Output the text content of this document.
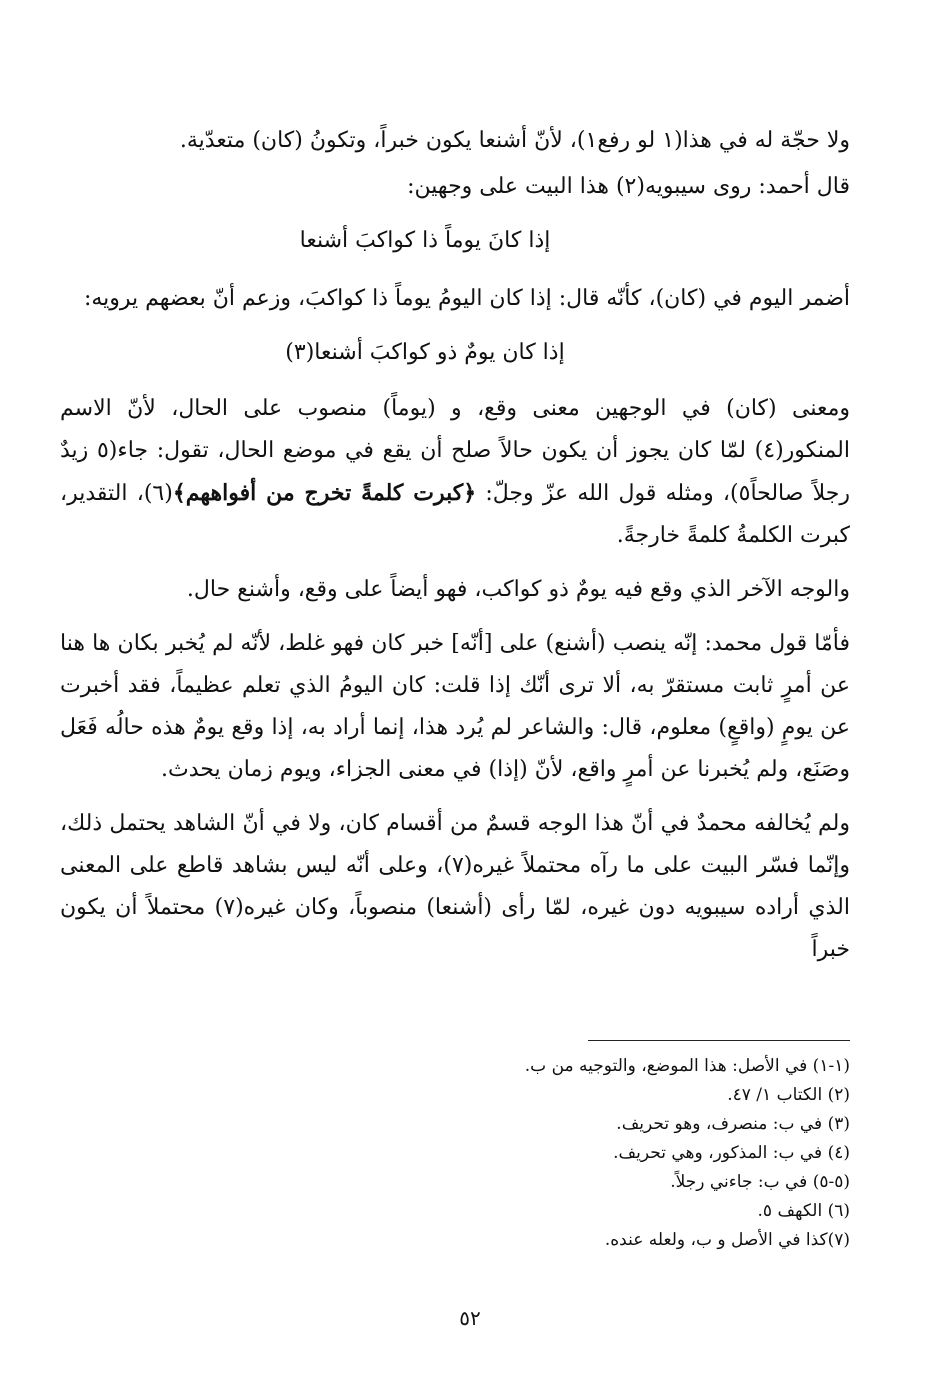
ولا حجّة له في هذا(١ لو رفع١)، لأنّ أشنعا يكون خبراً، وتكونُ (كان) متعدّية.

قال أحمد: روى سيبويه(٢) هذا البيت على وجهين:

إذا كانَ يوماً ذا كواكبَ أشنعا

أضمر اليوم في (كان)، كأنّه قال: إذا كان اليومُ يوماً ذا كواكبَ، وزعم أنّ بعضهم يرويه:

إذا كان يومٌ ذو كواكبَ أشنعا(٣)

ومعنى (كان) في الوجهين معنى وقع، و (يوماً) منصوب على الحال، لأنّ الاسم المنكور(٤) لمّا كان يجوز أن يكون حالاً صلح أن يقع في موضع الحال، تقول: جاء(٥ زيدٌ رجلاً صالحاً٥)، ومثله قول الله عزّ وجلّ: ﴿كبرت كلمةً تخرج من أفواههم﴾(٦)، التقدير، كبرت الكلمةُ كلمةً خارجةً.

والوجه الآخر الذي وقع فيه يومٌ ذو كواكب، فهو أيضاً على وقع، وأشنع حال.

فأمّا قول محمد: إنّه ينصب (أشنع) على [أنّه] خبر كان فهو غلط، لأنّه لم يُخبر بكان ها هنا عن أمرٍ ثابت مستقرّ به، ألا ترى أنّك إذا قلت: كان اليومُ الذي تعلم عظيماً، فقد أخبرت عن يومٍ (واقعٍ) معلوم، قال: والشاعر لم يُرد هذا، إنما أراد به، إذا وقع يومٌ هذه حالُه فَعَل وصَنَع، ولم يُخبرنا عن أمرٍ واقع، لأنّ (إذا) في معنى الجزاء، ويوم زمان يحدث.

ولم يُخالفه محمدٌ في أنّ هذا الوجه قسمٌ من أقسام كان، ولا في أنّ الشاهد يحتمل ذلك، وإنّما فسّر البيت على ما رآه محتملاً غيره(٧)، وعلى أنّه ليس بشاهد قاطع على المعنى الذي أراده سيبويه دون غيره، لمّا رأى (أشنعا) منصوباً، وكان غيره(٧) محتملاً أن يكون خبراً

(١-١) في الأصل: هذا الموضع، والتوجيه من ب.
(٢) الكتاب ١/ ٤٧.
(٣) في ب: منصرف، وهو تحريف.
(٤) في ب: المذكور، وهي تحريف.
(٥-٥) في ب: جاءني رجلاً.
(٦) الكهف ٥.
(٧)كذا في الأصل و ب، ولعله عنده.
٥٢
